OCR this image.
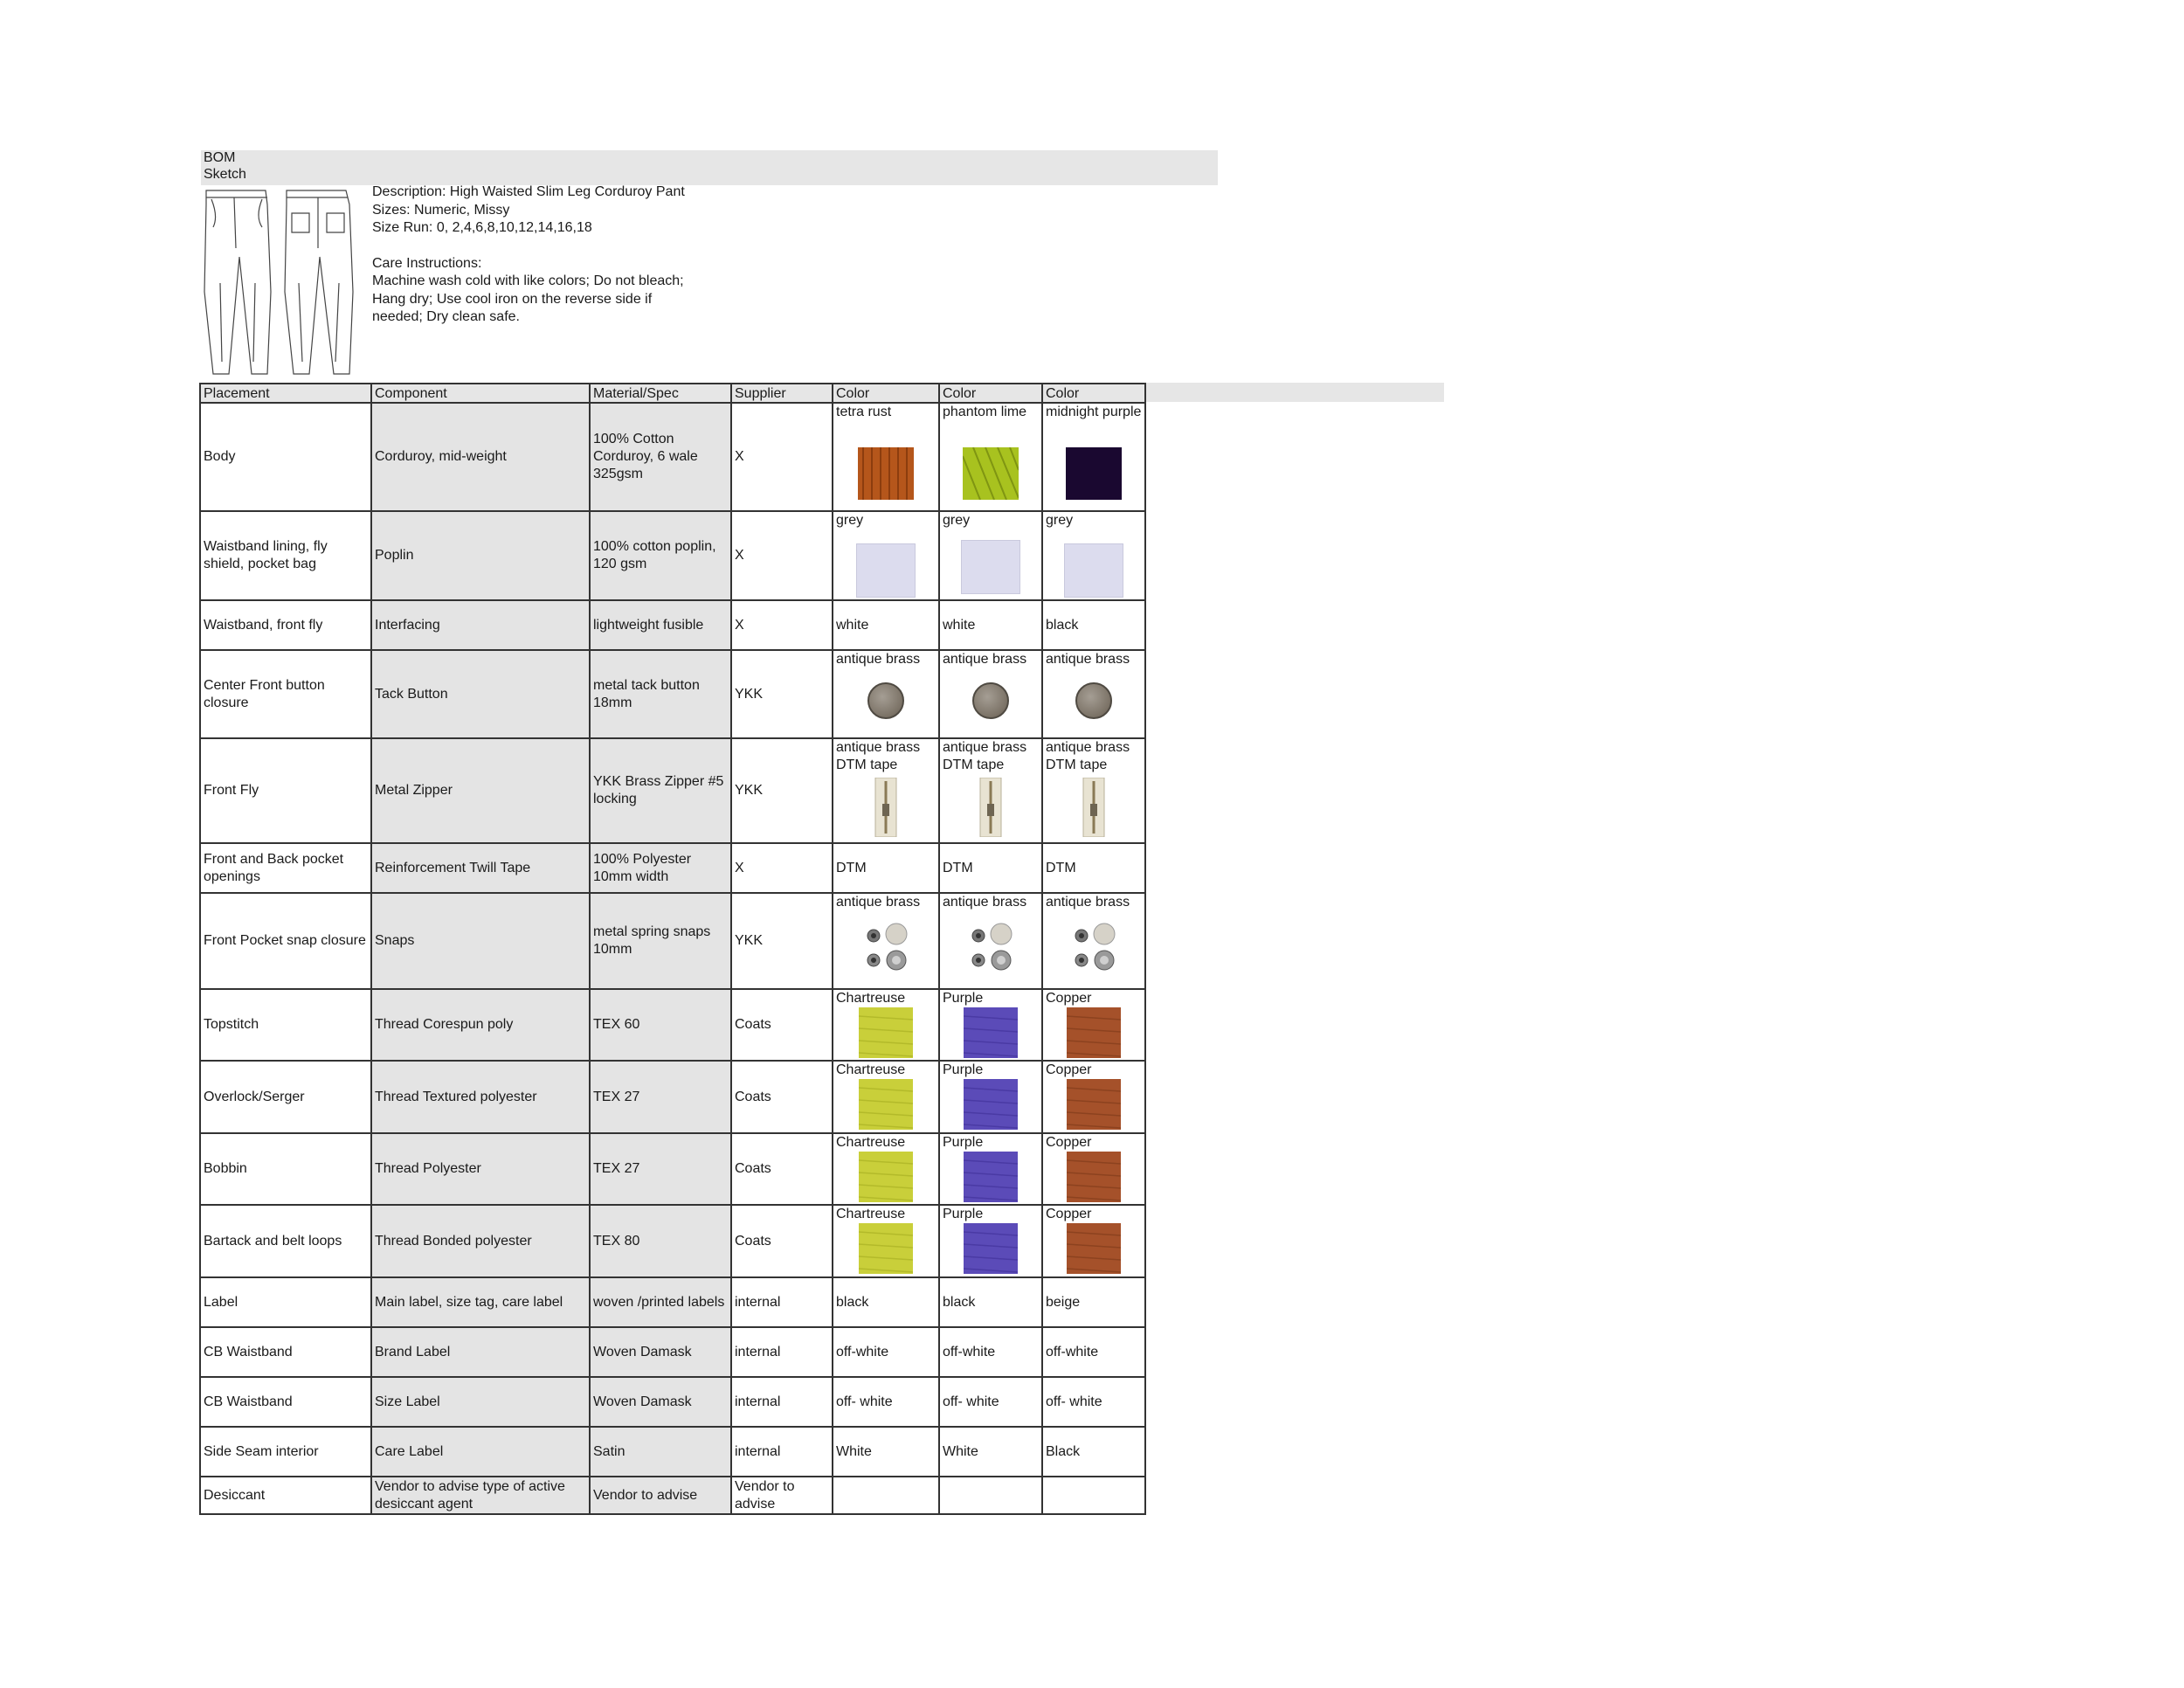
BOM
Sketch

Description: High Waisted Slim Leg Corduroy Pant

Sizes: Numeric, Missy

Size Run: 0, 2,4,6,8,10,12,14,16,18

Care Instructions:

Machine wash cold with like colors; Do not bleach;

Hang dry; Use cool iron on the reverse side if

needed; Dry clean safe.

Placement	Component	Material/Spec	Supplier	Color	Color	Color
Body	Corduroy, mid-weight	100% Cotton Corduroy, 6 wale 325gsm	X	tetra rust	phantom lime	midnight purple

Waistband lining, fly shield, pocket bag	Poplin	100% cotton poplin, 120 gsm	X	grey	grey	grey

Waistband, front fly	Interfacing	lightweight fusible	X	white	white	black
Center Front button closure	Tack Button	metal tack button 18mm	YKK	antique brass	antique brass	antique brass

Front Fly	Metal Zipper	YKK Brass Zipper #5 locking	YKK	antique brass DTM tape	antique brass DTM tape	antique brass DTM tape

Front and Back pocket openings	Reinforcement Twill Tape	100% Polyester 10mm width	X	DTM	DTM	DTM
Front Pocket snap closure	Snaps	metal spring snaps 10mm	YKK	antique brass	antique brass	antique brass

Topstitch	Thread Corespun poly	TEX 60	Coats	Chartreuse	Purple	Copper

Overlock/Serger	Thread Textured polyester	TEX 27	Coats	Chartreuse	Purple	Copper

Bobbin	Thread Polyester	TEX 27	Coats	Chartreuse	Purple	Copper

Bartack and belt loops	Thread Bonded polyester	TEX 80	Coats	Chartreuse	Purple	Copper

Label	Main label, size tag, care label	woven /printed labels	internal	black	black	beige
CB Waistband	Brand Label	Woven Damask	internal	off-white	off-white	off-white
CB Waistband	Size Label	Woven Damask	internal	off- white	off- white	off- white
Side Seam interior	Care Label	Satin	internal	White	White	Black
Desiccant	Vendor to advise type of active desiccant agent	Vendor to advise	Vendor to advise			
